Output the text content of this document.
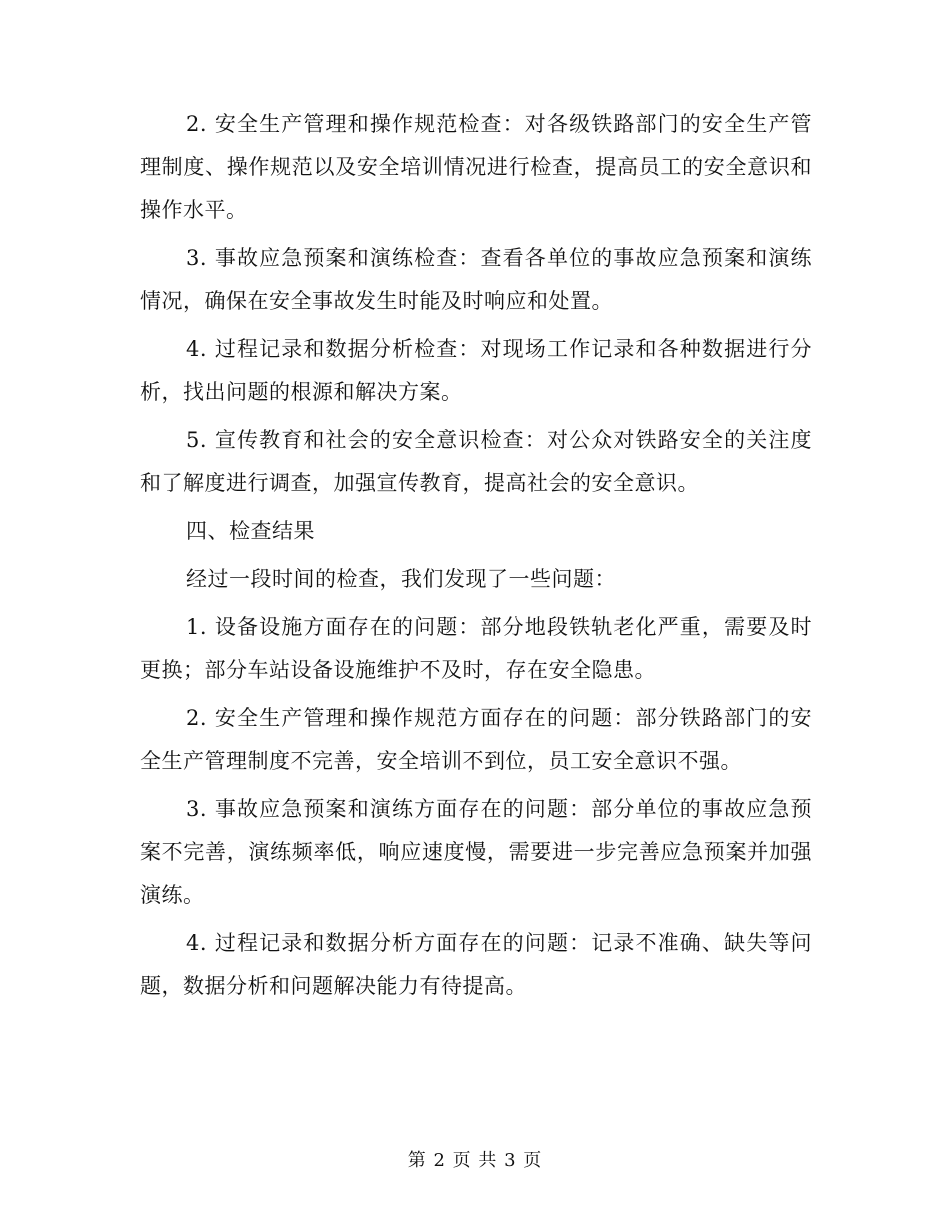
2. 安全生产管理和操作规范检查：对各级铁路部门的安全生产管理制度、操作规范以及安全培训情况进行检查，提高员工的安全意识和操作水平。

3. 事故应急预案和演练检查：查看各单位的事故应急预案和演练情况，确保在安全事故发生时能及时响应和处置。

4. 过程记录和数据分析检查：对现场工作记录和各种数据进行分析，找出问题的根源和解决方案。

5. 宣传教育和社会的安全意识检查：对公众对铁路安全的关注度和了解度进行调查，加强宣传教育，提高社会的安全意识。

四、检查结果

经过一段时间的检查，我们发现了一些问题：

1. 设备设施方面存在的问题：部分地段铁轨老化严重，需要及时更换；部分车站设备设施维护不及时，存在安全隐患。

2. 安全生产管理和操作规范方面存在的问题：部分铁路部门的安全生产管理制度不完善，安全培训不到位，员工安全意识不强。

3. 事故应急预案和演练方面存在的问题：部分单位的事故应急预案不完善，演练频率低，响应速度慢，需要进一步完善应急预案并加强演练。

4. 过程记录和数据分析方面存在的问题：记录不准确、缺失等问题，数据分析和问题解决能力有待提高。

第 2 页 共 3 页
